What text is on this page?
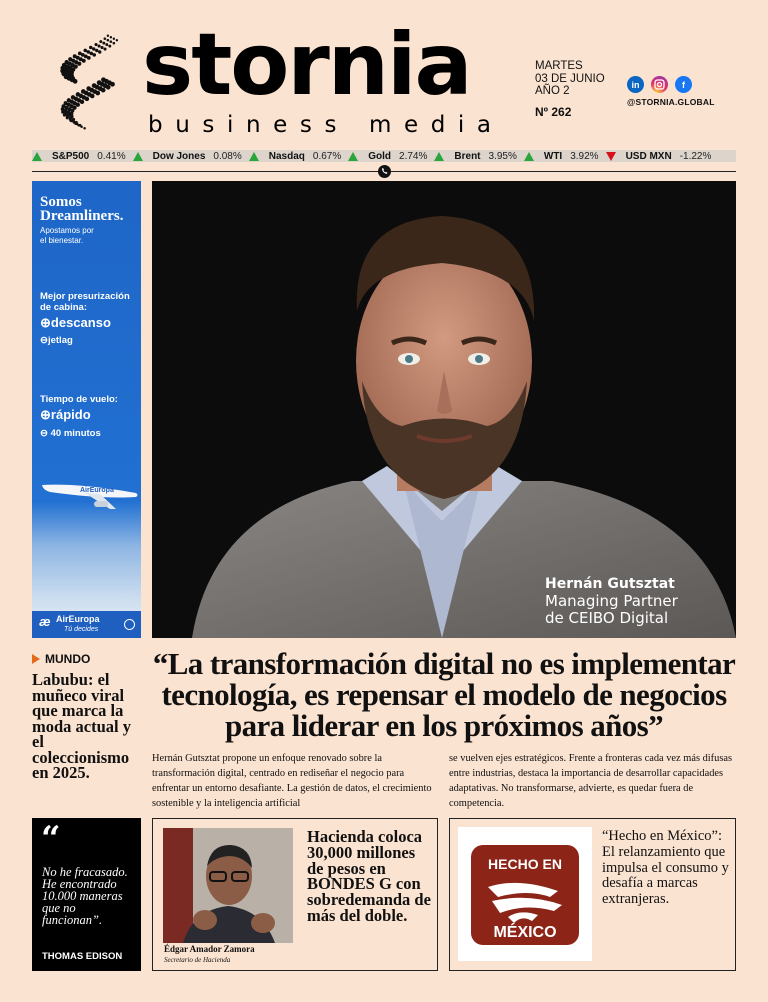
stornia
business media
MARTES
03 DE JUNIO
AÑO 2
Nº 262
in	f
@STORNIA.GLOBAL
S&P500 0.41%	Dow Jones 0.08%	Nasdaq 0.67%	Gold 2.74%	Brent 3.95%	WTI 3.92%	USD MXN -1.22%
Somos
Dreamliners.
Apostamos por
el bienestar.
Mejor presurización
de cabina:
⊕descanso
⊖jetlag
Tiempo de vuelo:
⊕rápido
⊖ 40 minutos
AirEuropa
æ AirEuropa
Tú decides
Hernán Gutsztat
Managing Partner
de CEIBO Digital
MUNDO
Labubu: el muñeco viral que marca la moda actual y el coleccionismo en 2025.
“La transformación digital no es implementar tecnología, es repensar el modelo de negocios para liderar en los próximos años”
Hernán Gutsztat propone un enfoque renovado sobre la transformación digital, centrado en rediseñar el negocio para enfrentar un entorno desafiante. La gestión de datos, el crecimiento sostenible y la inteligencia artificial
se vuelven ejes estratégicos. Frente a fronteras cada vez más difusas entre industrias, destaca la importancia de desarrollar capacidades adaptativas. No transformarse, advierte, es quedar fuera de competencia.
“
No he fracasado. He encontrado 10.000 maneras que no funcionan”.
THOMAS EDISON
Édgar Amador Zamora
Secretario de Hacienda
Hacienda coloca 30,000 millones de pesos en BONDES G con sobredemanda de más del doble.
HECHO EN
MÉXICO
“Hecho en México”: El relanzamiento que impulsa el consumo y desafía a marcas extranjeras.
